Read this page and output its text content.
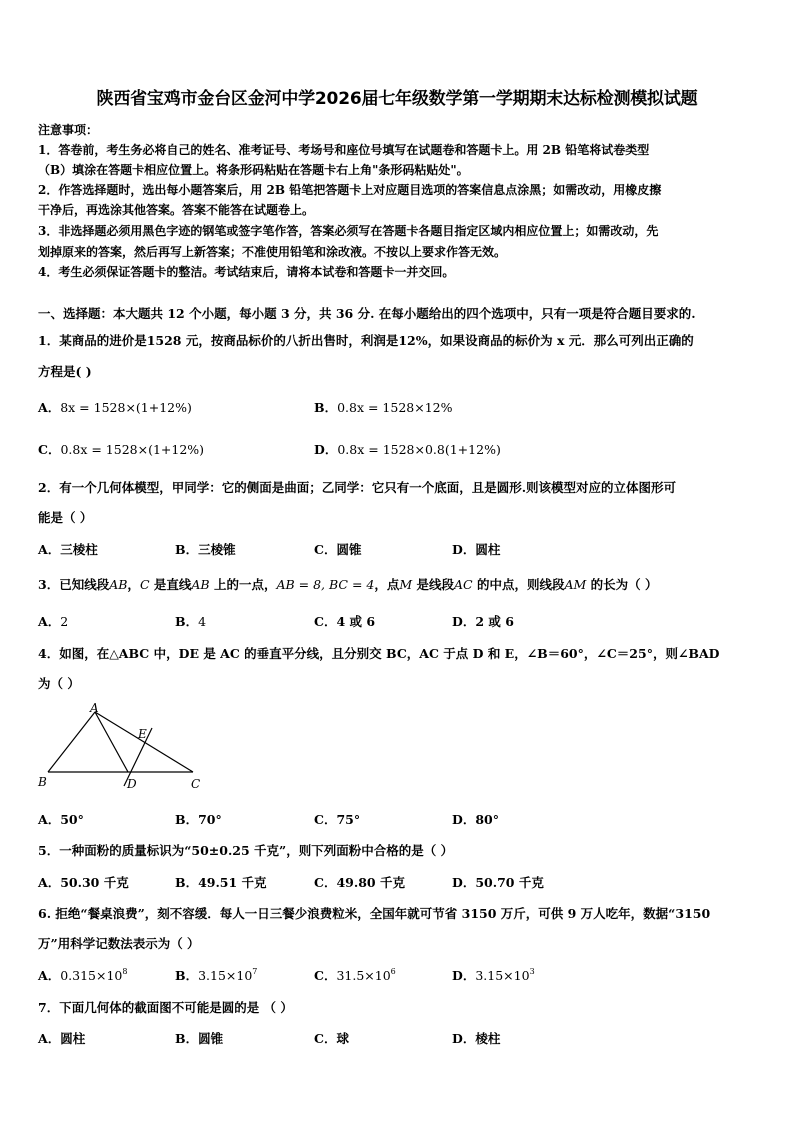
陕西省宝鸡市金台区金河中学2026届七年级数学第一学期期末达标检测模拟试题
注意事项：
1．答卷前，考生务必将自己的姓名、准考证号、考场号和座位号填写在试题卷和答题卡上。用 2B 铅笔将试卷类型
（B）填涂在答题卡相应位置上。将条形码粘贴在答题卡右上角"条形码粘贴处"。
2．作答选择题时，选出每小题答案后，用 2B 铅笔把答题卡上对应题目选项的答案信息点涂黑；如需改动，用橡皮擦
干净后，再选涂其他答案。答案不能答在试题卷上。
3．非选择题必须用黑色字迹的钢笔或签字笔作答，答案必须写在答题卡各题目指定区域内相应位置上；如需改动，先
划掉原来的答案，然后再写上新答案；不准使用铅笔和涂改液。不按以上要求作答无效。
4．考生必须保证答题卡的整洁。考试结束后，请将本试卷和答题卡一并交回。
一、选择题：本大题共 12 个小题，每小题 3 分，共 36 分. 在每小题给出的四个选项中，只有一项是符合题目要求的.
1．某商品的进价是1528 元，按商品标价的八折出售时，利润是12%，如果设商品的标价为 x 元．那么可列出正确的
方程是( )
A．8x = 1528×(1+12%)	B．0.8x = 1528×12%
C．0.8x = 1528×(1+12%)	D．0.8x = 1528×0.8(1+12%)
2．有一个几何体模型，甲同学：它的侧面是曲面；乙同学：它只有一个底面，且是圆形.则该模型对应的立体图形可
能是（ ）
A．三棱柱	B．三棱锥	C．圆锥	D．圆柱
3．已知线段AB，C 是直线AB 上的一点，AB = 8, BC = 4，点M 是线段AC 的中点，则线段AM 的长为（ ）
A．2	B．4	C．4 或 6	D．2 或 6
4．如图，在△ABC 中，DE 是 AC 的垂直平分线，且分别交 BC，AC 于点 D 和 E，∠B＝60°，∠C＝25°，则∠BAD
为（ ）
A
B	D	C
E
A．50°	B．70°	C．75°	D．80°
5．一种面粉的质量标识为“50±0.25 千克”，则下列面粉中合格的是（ ）
A．50.30 千克	B．49.51 千克	C．49.80 千克	D．50.70 千克
6. 拒绝“餐桌浪费”，刻不容缓．每人一日三餐少浪费粒米，全国年就可节省 3150 万斤，可供 9 万人吃年，数据“3150
万”用科学记数法表示为（ ）
A．$0.315\times 10^8$	B．$3.15\times 10^7$	C．$31.5\times 10^6$	D．$3.15\times 10^3$
7．下面几何体的截面图不可能是圆的是 （ ）
A．圆柱	B．圆锥	C．球	D．棱柱
